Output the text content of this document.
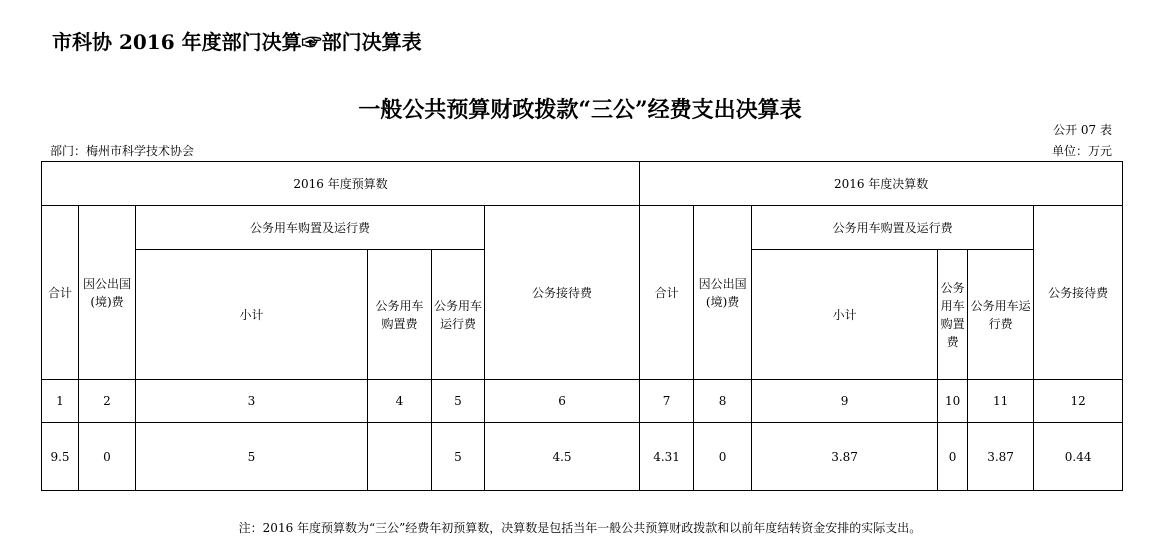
市科协 2016 年度部门决算☞部门决算表
一般公共预算财政拨款“三公”经费支出决算表
公开 07 表
部门：梅州市科学技术协会	单位：万元
2016 年度预算数						2016 年度决算数					
合计	因公出国(境)费	公务用车购置及运行费			公务接待费	合计	因公出国(境)费	公务用车购置及运行费			公务接待费
		小计	公务用车购置费	公务用车运行费				小计	公务用车购置费	公务用车运行费	
1	2	3	4	5	6	7	8	9	10	11	12
9.5	0	5		5	4.5	4.31	0	3.87	0	3.87	0.44
注：2016 年度预算数为“三公”经费年初预算数，决算数是包括当年一般公共预算财政拨款和以前年度结转资金安排的实际支出。
